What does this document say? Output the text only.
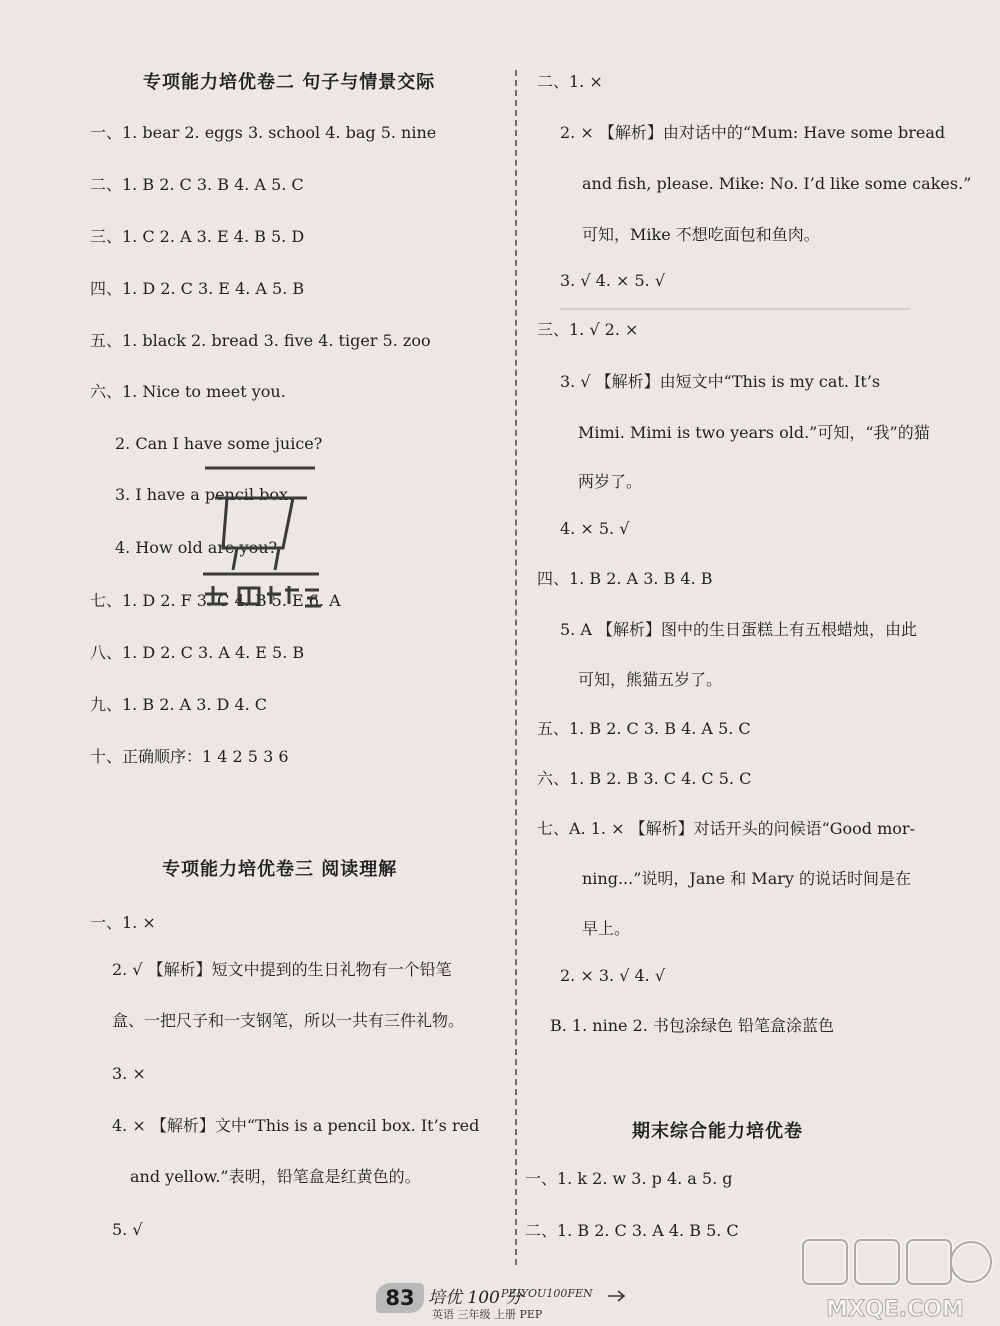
专项能力培优卷二 句子与情景交际
一、1. bear 2. eggs 3. school 4. bag 5. nine
二、1. B 2. C 3. B 4. A 5. C
三、1. C 2. A 3. E 4. B 5. D
四、1. D 2. C 3. E 4. A 5. B
五、1. black 2. bread 3. five 4. tiger 5. zoo
六、1. Nice to meet you.
2. Can I have some juice?
3. I have a pencil box.
4. How old are you?
七、1. D 2. F 3. C 4. B 5. E 6. A
八、1. D 2. C 3. A 4. E 5. B
九、1. B 2. A 3. D 4. C
十、正确顺序：1 4 2 5 3 6
专项能力培优卷三 阅读理解
一、1. ×
2. √ 【解析】短文中提到的生日礼物有一个铅笔
盒、一把尺子和一支钢笔，所以一共有三件礼物。
3. ×
4. × 【解析】文中“This is a pencil box. It’s red
and yellow.”表明，铅笔盒是红黄色的。
5. √
二、1. ×
2. × 【解析】由对话中的“Mum: Have some bread
and fish, please. Mike: No. I’d like some cakes.”
可知，Mike 不想吃面包和鱼肉。
3. √ 4. × 5. √
三、1. √ 2. ×
3. √ 【解析】由短文中“This is my cat. It’s
Mimi. Mimi is two years old.”可知，“我”的猫
两岁了。
4. × 5. √
四、1. B 2. A 3. B 4. B
5. A 【解析】图中的生日蛋糕上有五根蜡烛，由此
可知，熊猫五岁了。
五、1. B 2. C 3. B 4. A 5. C
六、1. B 2. B 3. C 4. C 5. C
七、A. 1. × 【解析】对话开头的问候语“Good mor-
ning...”说明，Jane 和 Mary 的说话时间是在
早上。
2. × 3. √ 4. √
B. 1. nine 2. 书包涂绿色 铅笔盒涂蓝色
期末综合能力培优卷
一、1. k 2. w 3. p 4. a 5. g
二、1. B 2. C 3. A 4. B 5. C
83 培优 100 分
PEIYOU100FEN
英语 三年级 上册 PEP	MXQE.COM
